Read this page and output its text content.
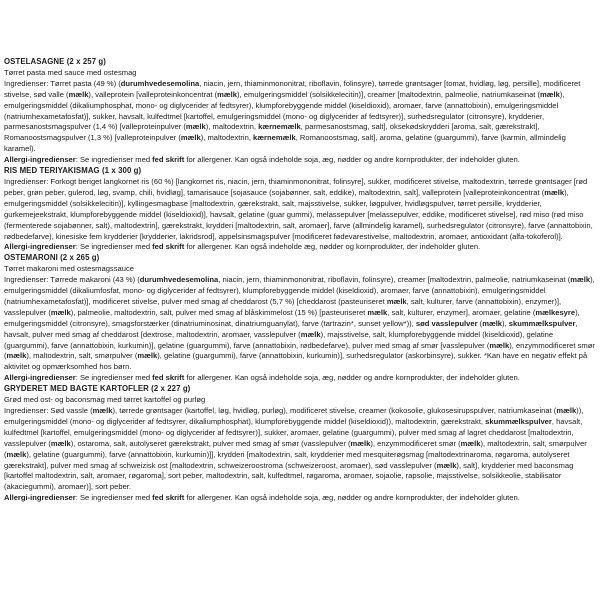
OSTELASAGNE (2 x 257 g)
Tørret pasta med sauce med ostesmag
Ingredienser: Tørret pasta (49 %) (durumhvedesemolina, niacin, jern, thiaminmononitrat, riboflavin, folinsyre), tørrede grøntsager [tomat, hvidløg, løg, persille], modificeret stivelse, sød valle (mælk), valleprotein [valleproteinkoncentrat (mælk), emulgeringsmiddel (solsikkelecitin)], creamer [maltodextrin, palmeolie, natriumkaseinat (mælk), emulgeringsmiddel (dikaliumphosphat, mono- og diglycerider af fedtsyrer), klumpforebyggende middel (kiseldioxid), aromaer, farve (annattobixin), emulgeringsmiddel (natriumhexametafosfat)], sukker, havsalt, kulfedtmel [kartoffel, emulgeringsmiddel (mono- og diglycerider af fedtsyrer)], surhedsregulator (citronsyre), krydderier, parmesanostsmagspulver (1,4 %) [valleproteinpulver (mælk), maltodextrin, kærnemælk, parmesanostsmag, salt], oksekødskrydderi [aroma, salt, gærekstrakt], Romanoostsmagspulver (1,3 %) [valleproteinpulver (mælk), maltodextrin, kærnemælk, Romanoostsmag, salt], aroma, gelatine (guargummi), farve (karmin, allmindelig karamel).
Allergi-ingredienser: Se ingredienser med fed skrift for allergener. Kan også indeholde soja, æg, nødder og andre kornprodukter, der indeholder gluten.
RIS MED TERIYAKISMAG (1 x 300 g)
Ingredienser: Forkogt beriget langkornet ris (60 %) [langkornet ris, niacin, jern, thiaminmononitrat, folinsyre], sukker, modificeret stivelse, maltodextrin, tørrede grøntsager [rød peber, grøn peber, gulerod, løg, svamp, chili, hvidløg], tamarisauce [sojasauce (sojabønner, salt, eddike), maltodextrin, salt], valleprotein [valleproteinkoncentrat (mælk), emulgeringsmiddel (solsikkelecitin)], kyllingesmagbase [maltodextrin, gærekstrakt, salt, majsstivelse, sukker, løgpulver, hvidløgspulver, tørret persille, krydderier, gurkemejeekstrakt, klumpforebyggende middel (kiseldioxid)], havsalt, gelatine (guar gummi), melassepulver [melassepulver, eddike, modificeret stivelse], rød miso (rød miso (fermenterede sojabønner, salt), maltodextrin], gærekstrakt, krydderi [maltodextrin, salt, aromaer], farve (allmindelig karamel), surhedsregulator (citronsyre), farve (annattobixin, rødbedefarve), kinesiske fem krydderier [krydderier, lakridsrod], appelsinsmagspulver [modificeret fødevarestivelse, maltodextrin, aromaer, antioxidant (alfa-tokoferol)].
Allergi-ingredienser: Se ingredienser med fed skrift for allergener. Kan også indeholde æg, nødder og kornprodukter, der indeholder gluten.
OSTEMARONI (2 x 265 g)
Tørret makaroni med ostesmagssauce
Ingredienser: Tørrede makaroni (43 %) (durumhvedesemolina, niacin, jern, thiaminmononitrat, riboflavin, folinsyre), creamer [maltodextrin, palmeolie, natriumkaseinat (mælk), emulgeringsmiddel (dikaliumfosfat, mono- og diglycerider af fedtsyrer), klumpforebyggende middel (kiseldioxid), aromaer, farve (annattobixin), emulgeringsmiddel (natriumhexametafosfat)], modificeret stivelse, pulver med smag af cheddarost (5,7 %) [cheddarost (pasteuriseret mælk, salt, kulturer, farve (annattobixin), enzymer)], vasslepulver (mælk), palmeolie, maltodextrin, salt, pulver med smag af blåskimmelost (15 %) [pasteuriseret mælk, salt, kulturer, enzymer], aromaer, gelatine (mælkesyre), emulgeringsmiddel (citronsyre), smagsforstærker (dinatriuminosinat, dinatriumguanylat), farve (tartrazin*, sunset yellow*)), sød vasslepulver (mælk), skummælkspulver, havsalt, pulver med smag af cheddarost [dextrose, maltodextrin, aromaer, vasslepulver (mælk), majsstivelse, salt, klumpforebyggende middel (kiseldioxid), gelatine (guargummi), farve (annattobixin, kurkumin)], gelatine (guargummi), farve (annattobixin, rødbedefarve), pulver med smag af smør [vasslepulver (mælk), enzymmodificeret smør (mælk), maltodextrin, salt, smørpulver (mælk), gelatine (guargummi), farve (annattobixin, kurkumin)], surhedsregulator (askorbinsyre), sukker. *Kan have en negativ effekt på aktivitet og opmærksomhed hos børn.
Allergi-ingredienser: Se ingredienser med fed skrift for allergener. Kan også indeholde soja, æg, nødder og andre kornprodukter, der indeholder gluten.
GRYDERET MED BAGTE KARTOFLER (2 x 227 g)
Grød med ost- og baconsmag med tørret kartoffel og purløg
Ingredienser: Sød vassle (mælk), tørrede grøntsager (kartoffel, løg, hvidløg, purløg), modificeret stivelse, creamer (kokosolie, glukosesirupspulver, natriumkaseinat (mælk)), emulgeringsmiddel (mono- og diglycerider af fedtsyrer, dikaliumphosphat), klumpforebyggende middel (kiseldioxid)), maltodextrin, gærekstrakt, skummælkspulver, havsalt, kulfedtmel [kartoffel, emulgeringsmiddel (mono- og diglycerider af fedtsyrer)], sukker, aromaer, gelatine (guargummi), pulver med smag af lagret cheddarost [maltodextrin, vasslepulver (mælk), ostaroma, salt, autolyseret gærekstrakt, pulver med smag af smør (vasslepulver (mælk), enzymmodificeret smør (mælk), maltodextrin, salt, smørpulver (mælk), gelatine (guargummi), farve (annattobixin, kurkumin)]], krydderi [maltodextrin, salt, krydderier med mesquiterøgsmag [maltodextrinaroma, røgaroma, autolyseret gærekstrakt], pulver med smag af schweizisk ost [maltodextrin, schweizeroostroma (schweizeroost, aromaer), sød vasslepulver (mælk), salt], krydderier med baconsmag [kartoffel maltodextrin, salt, aromaer, røgaroma], sort peber, maltodextrin, salt, kulfedtmel, røgaroma, aromaer, sojaolie, rapsolie, majsstivelse, solsikkeolie, stabilisator (akaciegummi), aromaer)], sort peber.
Allergi-ingredienser: Se ingredienser med fed skrift for allergener. Kan også indeholde soja, æg, nødder og andre kornprodukter, der indeholder gluten.
